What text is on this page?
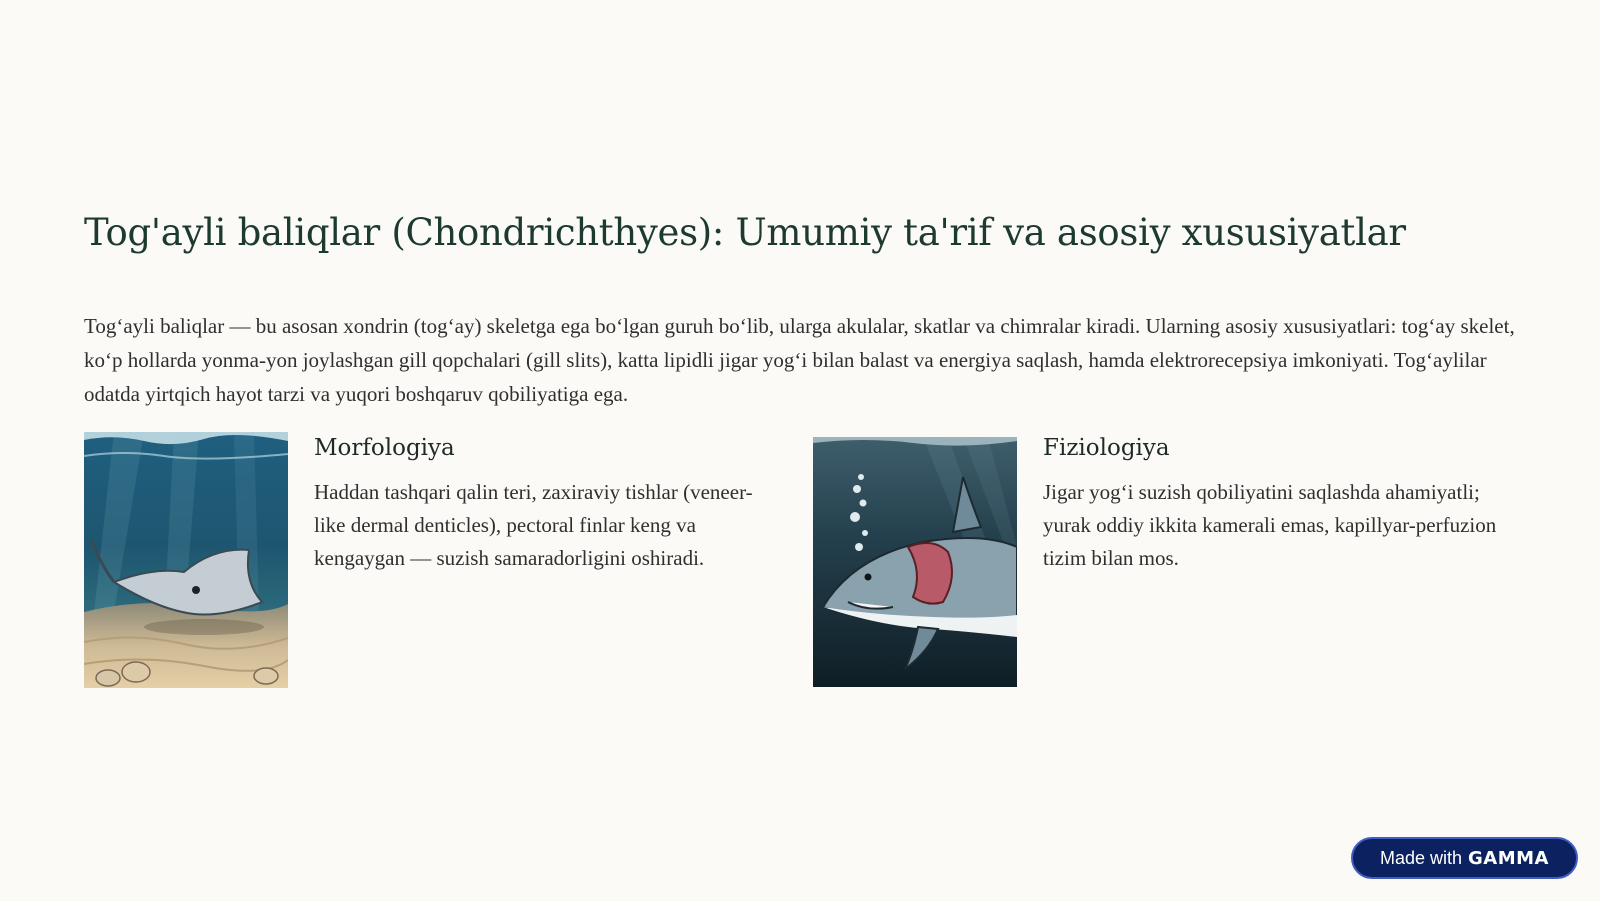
Tog'ayli baliqlar (Chondrichthyes): Umumiy ta'rif va asosiy xususiyatlar

Tog‘ayli baliqlar — bu asosan xondrin (tog‘ay) skeletga ega bo‘lgan guruh bo‘lib, ularga akulalar, skatlar va chimralar kiradi. Ularning asosiy xususiyatlari: tog‘ay skelet, ko‘p hollarda yonma-yon joylashgan gill qopchalari (gill slits), katta lipidli jigar yog‘i bilan balast va energiya saqlash, hamda elektrorecepsiya imkoniyati. Tog‘aylilar odatda yirtqich hayot tarzi va yuqori boshqaruv qobiliyatiga ega.

Morfologiya

Haddan tashqari qalin teri, zaxiraviy tishlar (veneer-like dermal denticles), pectoral finlar keng va kengaygan — suzish samaradorligini oshiradi.

Fiziologiya

Jigar yog‘i suzish qobiliyatini saqlashda ahamiyatli; yurak oddiy ikkita kamerali emas, kapillyar-perfuzion tizim bilan mos.

Made with GAMMA
